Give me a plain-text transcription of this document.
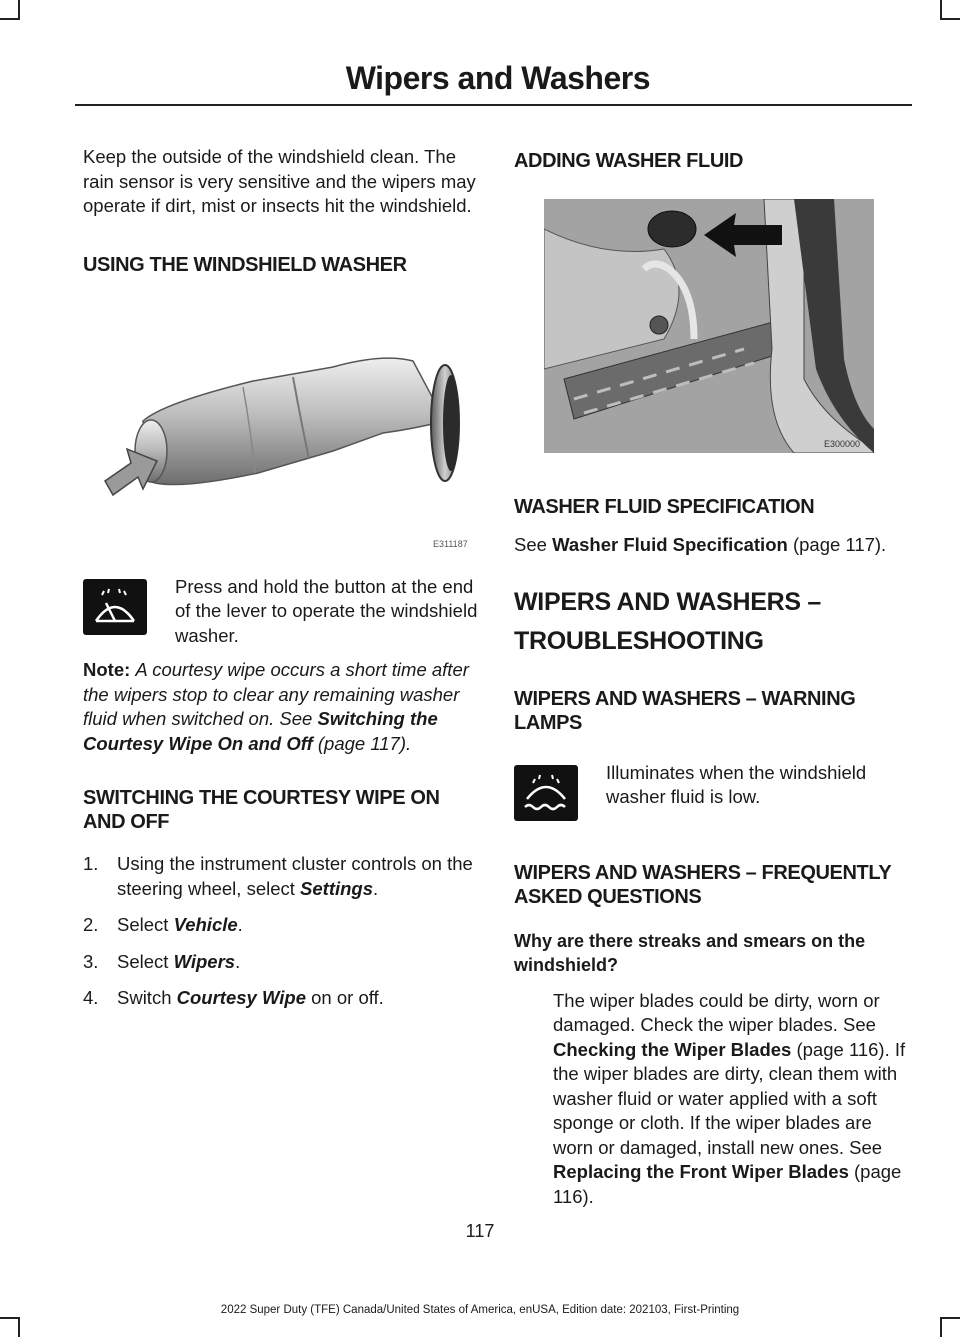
Wipers and Washers

Keep the outside of the windshield clean. The rain sensor is very sensitive and the wipers may operate if dirt, mist or insects hit the windshield.

USING THE WINDSHIELD WASHER
E311187

Press and hold the button at the end of the lever to operate the windshield washer.

Note: A courtesy wipe occurs a short time after the wipers stop to clear any remaining washer fluid when switched on. See Switching the Courtesy Wipe On and Off (page 117).

SWITCHING THE COURTESY WIPE ON AND OFF
1.	Using the instrument cluster controls on the steering wheel, select Settings.
2.	Select Vehicle.
3.	Select Wipers.
4.	Switch Courtesy Wipe on or off.
ADDING WASHER FLUID
E300000
WASHER FLUID SPECIFICATION

See Washer Fluid Specification (page 117).

WIPERS AND WASHERS –
TROUBLESHOOTING
WIPERS AND WASHERS – WARNING LAMPS

Illuminates when the windshield washer fluid is low.

WIPERS AND WASHERS – FREQUENTLY ASKED QUESTIONS
Why are there streaks and smears on the windshield?

The wiper blades could be dirty, worn or damaged. Check the wiper blades. See Checking the Wiper Blades (page 116). If the wiper blades are dirty, clean them with washer fluid or water applied with a soft sponge or cloth. If the wiper blades are worn or damaged, install new ones. See Replacing the Front Wiper Blades (page 116).

117
2022 Super Duty (TFE) Canada/United States of America, enUSA, Edition date: 202103, First-Printing
